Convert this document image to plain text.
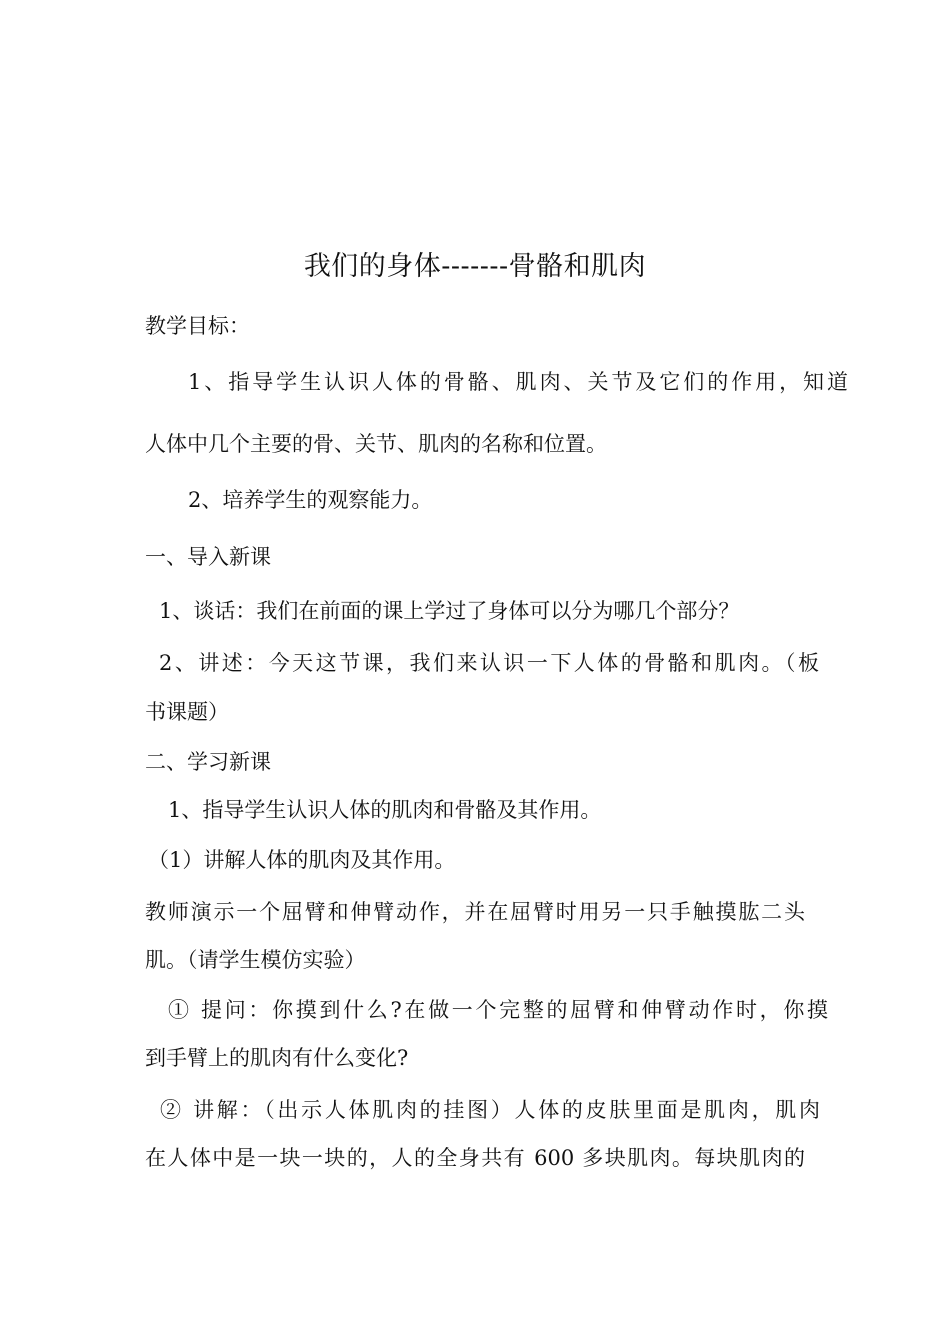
我们的身体-------骨骼和肌肉
教学目标：
1、指导学生认识人体的骨骼、肌肉、关节及它们的作用，知道
人体中几个主要的骨、关节、肌肉的名称和位置。
2、培养学生的观察能力。
一、导入新课
1、谈话：我们在前面的课上学过了身体可以分为哪几个部分？
2、讲述：今天这节课，我们来认识一下人体的骨骼和肌肉。（板
书课题）
二、学习新课
1、指导学生认识人体的肌肉和骨骼及其作用。
（1）讲解人体的肌肉及其作用。
教师演示一个屈臂和伸臂动作，并在屈臂时用另一只手触摸肱二头
肌。（请学生模仿实验）
① 提问：你摸到什么?在做一个完整的屈臂和伸臂动作时，你摸
到手臂上的肌肉有什么变化?
② 讲解：（出示人体肌肉的挂图）人体的皮肤里面是肌肉，肌肉
在人体中是一块一块的，人的全身共有 600 多块肌肉。每块肌肉的
